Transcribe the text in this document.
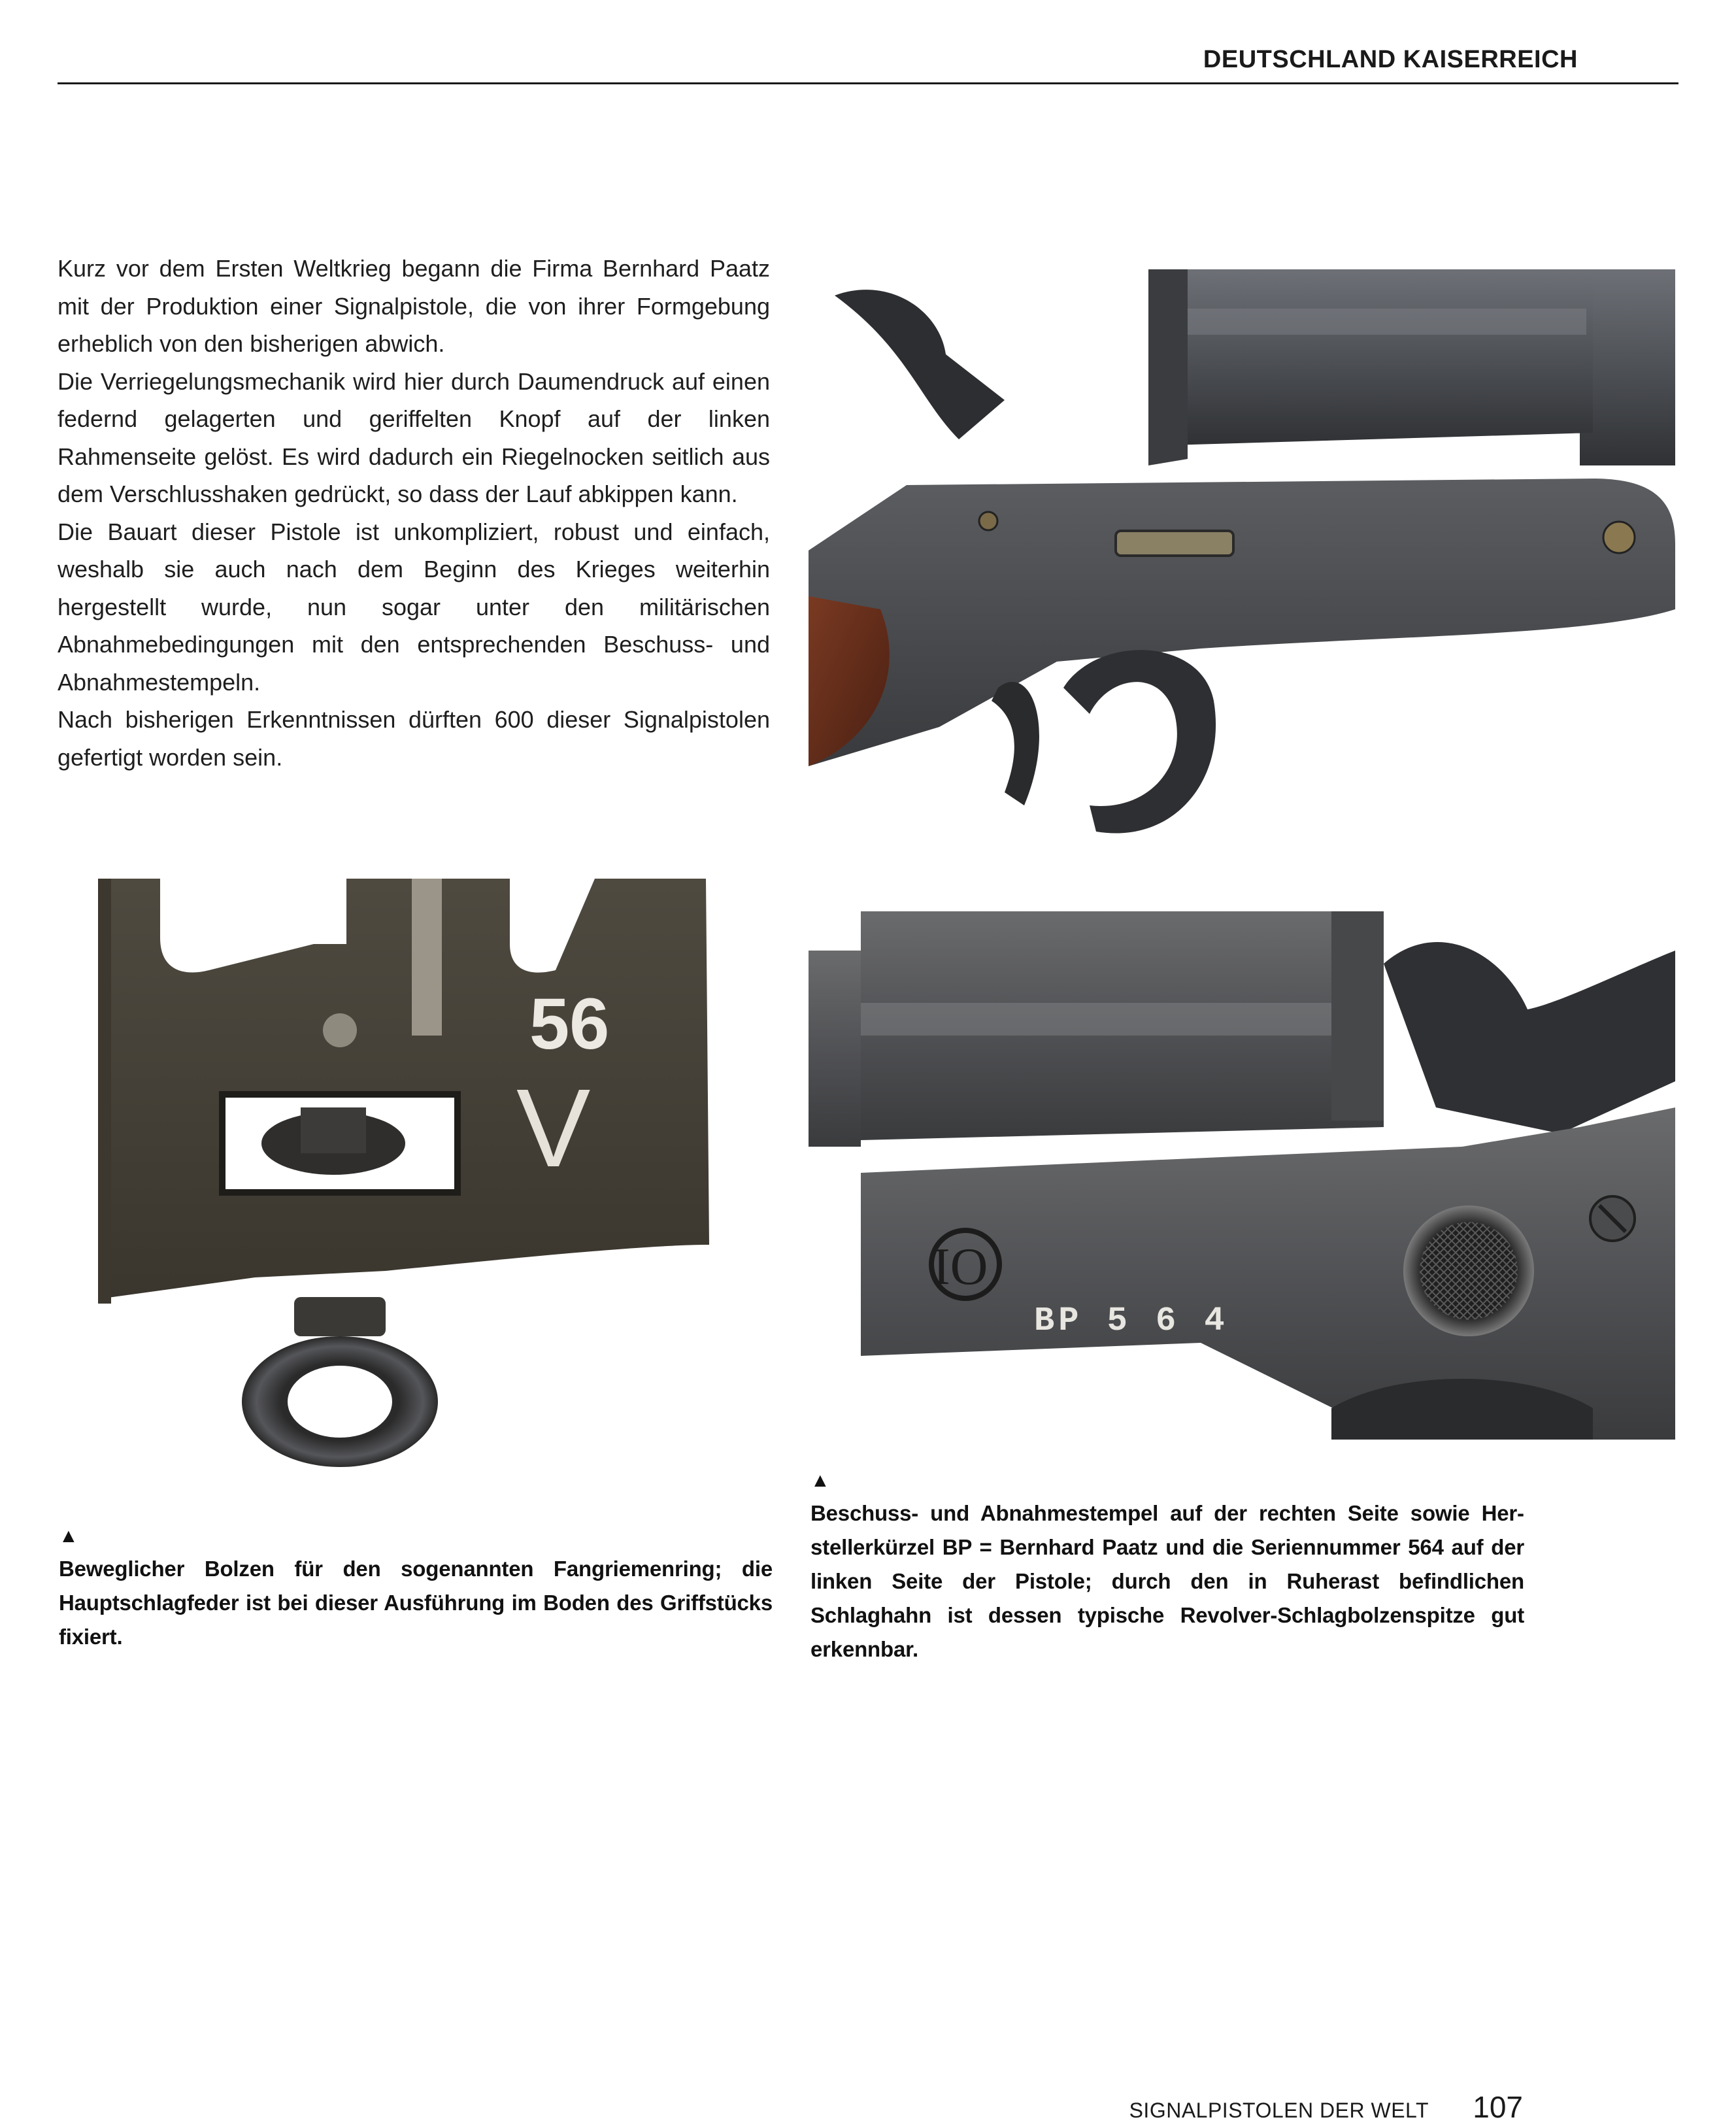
DEUTSCHLAND KAISERREICH

Kurz vor dem Ersten Weltkrieg begann die Firma Bernhard Paatz mit der Produktion einer Signalpistole, die von ihrer Formgebung erheblich von den bisherigen abwich.

Die Verriegelungsmechanik wird hier durch Daumendruck auf einen federnd gelagerten und geriffelten Knopf auf der linken Rahmenseite gelöst. Es wird dadurch ein Riegelnocken seitlich aus dem Verschlusshaken gedrückt, so dass der Lauf abkippen kann.

Die Bauart dieser Pistole ist unkompliziert, robust und einfach, weshalb sie auch nach dem Beginn des Krieges weiterhin hergestellt wurde, nun sogar unter den militärischen Abnahmebedingungen mit den entsprechenden Beschuss- und Abnahmestempeln.

Nach bisherigen Erkenntnissen dürften 600 dieser Signalpistolen gefertigt worden sein.

56
V
IO
BP 5 6 4
▲
Beweglicher Bolzen für den sogenannten Fangriemenring; die Hauptschlagfeder ist bei dieser Ausführung im Boden des Griffstücks fixiert.
▲
Beschuss- und Abnahmestempel auf der rechten Seite sowie Herstellerkürzel BP = Bernhard Paatz und die Seriennummer 564 auf der linken Seite der Pistole; durch den in Ruherast befindlichen Schlaghahn ist dessen typische Revolver-Schlagbolzenspitze gut erkennbar.
SIGNALPISTOLEN DER WELT 107
